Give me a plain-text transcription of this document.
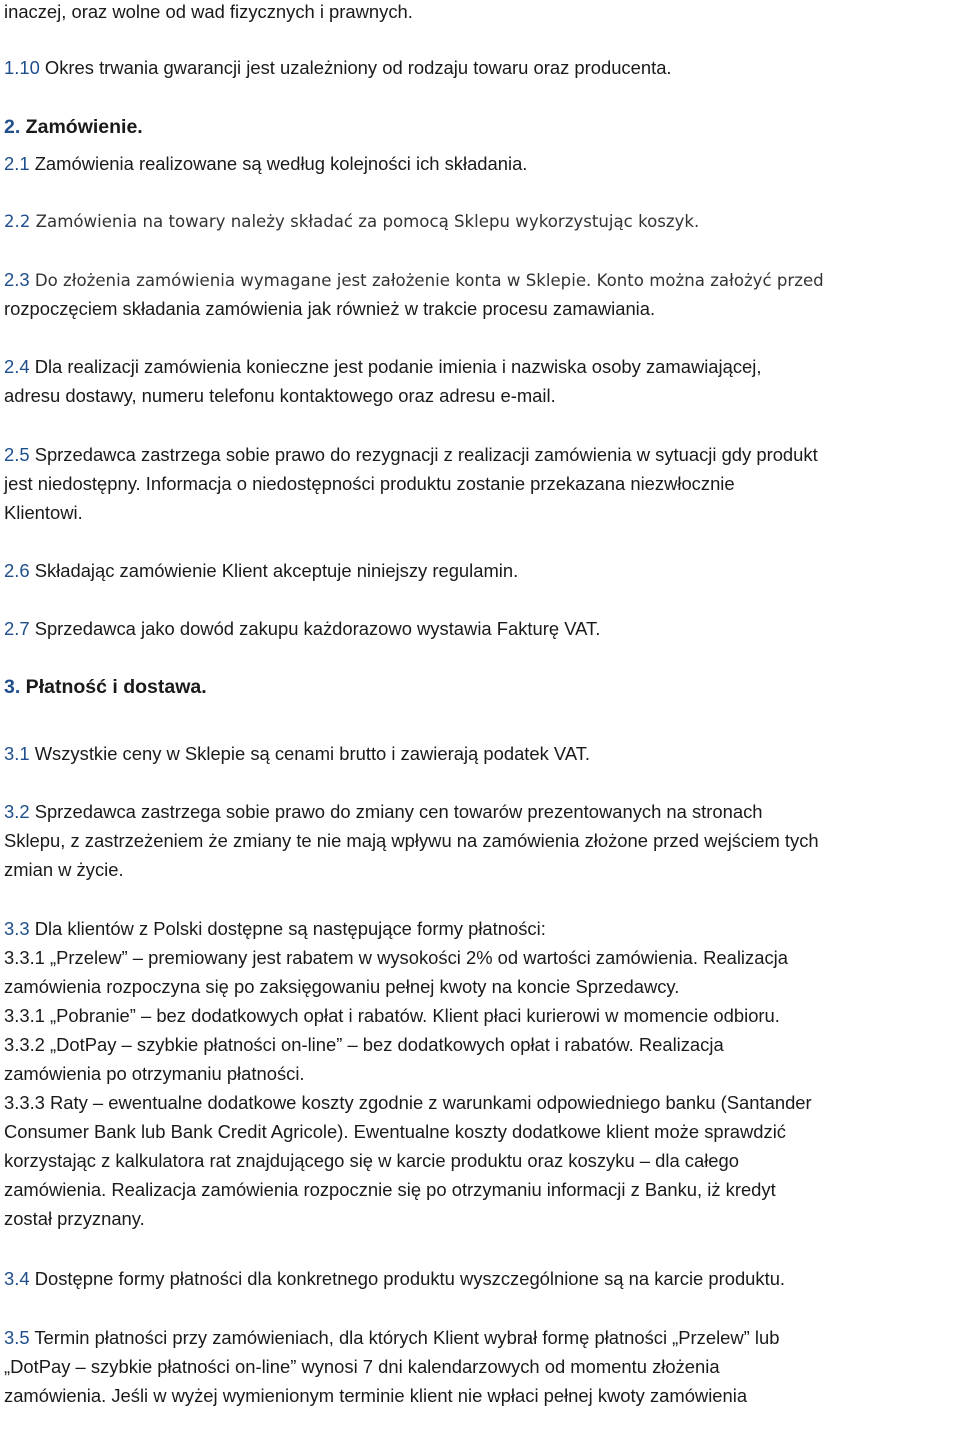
inaczej, oraz wolne od wad fizycznych i prawnych.
1.10 Okres trwania gwarancji jest uzależniony od rodzaju towaru oraz producenta.
2. Zamówienie.
2.1 Zamówienia realizowane są według kolejności ich składania.
2.2 Zamówienia na towary należy składać za pomocą Sklepu wykorzystując koszyk.
2.3 Do złożenia zamówienia wymagane jest założenie konta w Sklepie. Konto można założyć przed
rozpoczęciem składania zamówienia jak również w trakcie procesu zamawiania.
2.4 Dla realizacji zamówienia konieczne jest podanie imienia i nazwiska osoby zamawiającej,
adresu dostawy, numeru telefonu kontaktowego oraz adresu e-mail.
2.5 Sprzedawca zastrzega sobie prawo do rezygnacji z realizacji zamówienia w sytuacji gdy produkt
jest niedostępny. Informacja o niedostępności produktu zostanie przekazana niezwłocznie
Klientowi.
2.6 Składając zamówienie Klient akceptuje niniejszy regulamin.
2.7 Sprzedawca jako dowód zakupu każdorazowo wystawia Fakturę VAT.
3. Płatność i dostawa.
3.1 Wszystkie ceny w Sklepie są cenami brutto i zawierają podatek VAT.
3.2 Sprzedawca zastrzega sobie prawo do zmiany cen towarów prezentowanych na stronach
Sklepu, z zastrzeżeniem że zmiany te nie mają wpływu na zamówienia złożone przed wejściem tych
zmian w życie.
3.3 Dla klientów z Polski dostępne są następujące formy płatności:
3.3.1 „Przelew” – premiowany jest rabatem w wysokości 2% od wartości zamówienia. Realizacja
zamówienia rozpoczyna się po zaksięgowaniu pełnej kwoty na koncie Sprzedawcy.
3.3.1 „Pobranie” – bez dodatkowych opłat i rabatów. Klient płaci kurierowi w momencie odbioru.
3.3.2 „DotPay – szybkie płatności on-line” – bez dodatkowych opłat i rabatów. Realizacja
zamówienia po otrzymaniu płatności.
3.3.3 Raty – ewentualne dodatkowe koszty zgodnie z warunkami odpowiedniego banku (Santander
Consumer Bank lub Bank Credit Agricole). Ewentualne koszty dodatkowe klient może sprawdzić
korzystając z kalkulatora rat znajdującego się w karcie produktu oraz koszyku – dla całego
zamówienia. Realizacja zamówienia rozpocznie się po otrzymaniu informacji z Banku, iż kredyt
został przyznany.
3.4 Dostępne formy płatności dla konkretnego produktu wyszczególnione są na karcie produktu.
3.5 Termin płatności przy zamówieniach, dla których Klient wybrał formę płatności „Przelew” lub
„DotPay – szybkie płatności on-line” wynosi 7 dni kalendarzowych od momentu złożenia
zamówienia. Jeśli w wyżej wymienionym terminie klient nie wpłaci pełnej kwoty zamówienia
